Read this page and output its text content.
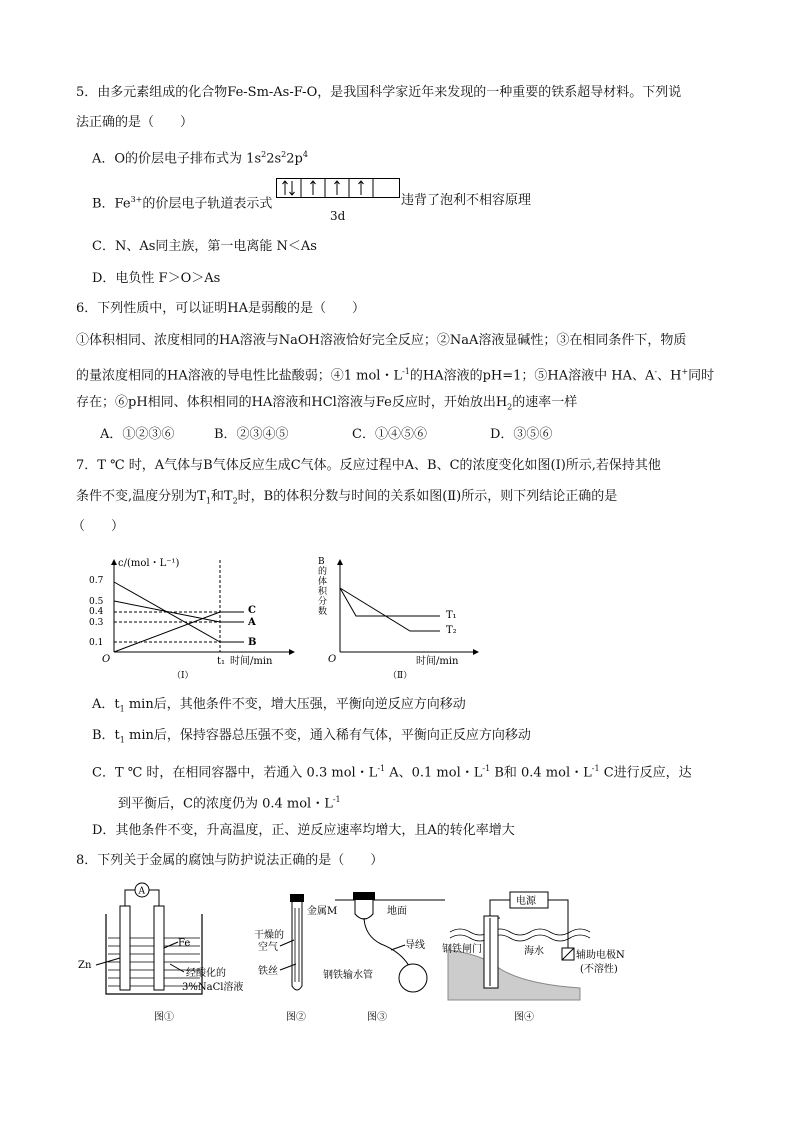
5．由多元素组成的化合物Fe-Sm-As-F-O，是我国科学家近年来发现的一种重要的铁系超导材料。下列说
法正确的是（　　）
A．O的价层电子排布式为 $1s^22s^22p^4$
B．$Fe^{3+}$的价层电子轨道表示式	违背了泡利不相容原理
3d
C．N、As同主族，第一电离能 N＜As
D．电负性 F＞O＞As
6．下列性质中，可以证明HA是弱酸的是（　　）
①体积相同、浓度相同的HA溶液与NaOH溶液恰好完全反应；②NaA溶液显碱性；③在相同条件下，物质
的量浓度相同的HA溶液的导电性比盐酸弱；④1 mol・$L^{-1}$的HA溶液的pH=1；⑤HA溶液中 HA、A-、H+同时
存在；⑥pH相同、体积相同的HA溶液和HCl溶液与Fe反应时，开始放出$H_2$的速率一样
A．①②③⑥	B．②③④⑤	C．①④⑤⑥	D．③⑤⑥
7．T ℃ 时，A气体与B气体反应生成C气体。反应过程中A、B、C的浓度变化如图(Ⅰ)所示,若保持其他
条件不变,温度分别为$T_1$和$T_2$时，B的体积分数与时间的关系如图(Ⅱ)所示，则下列结论正确的是
（　　）
c/(mol・L⁻¹)
0.7
0.5
0.4
0.3
0.1
C
A
B
O	t₁ 时间/min
（Ⅰ）
B
的
体
积
分
数	T₁
T₂
O	时间/min
（Ⅱ）
A．$t_1$ min后，其他条件不变，增大压强，平衡向逆反应方向移动
B．$t_1$ min后，保持容器总压强不变，通入稀有气体，平衡向正反应方向移动
C．T ℃ 时，在相同容器中，若通入 0.3 mol・$L^{-1}$ A、0.1 mol・$L^{-1}$ B和 0.4 mol・$L^{-1}$ C进行反应，达
到平衡后，C的浓度仍为 0.4 mol・$L^{-1}$
D．其他条件不变，升高温度，正、逆反应速率均增大，且A的转化率增大
8．下列关于金属的腐蚀与防护说法正确的是（　　）
A
Zn
Fe
经酸化的
3%NaCl溶液
图①
干燥的
空气
铁丝
图②
金属M	地面
导线
钢铁输水管
图③
电源
钢铁闸门	海水	辅助电极N
(不溶性)
图④
